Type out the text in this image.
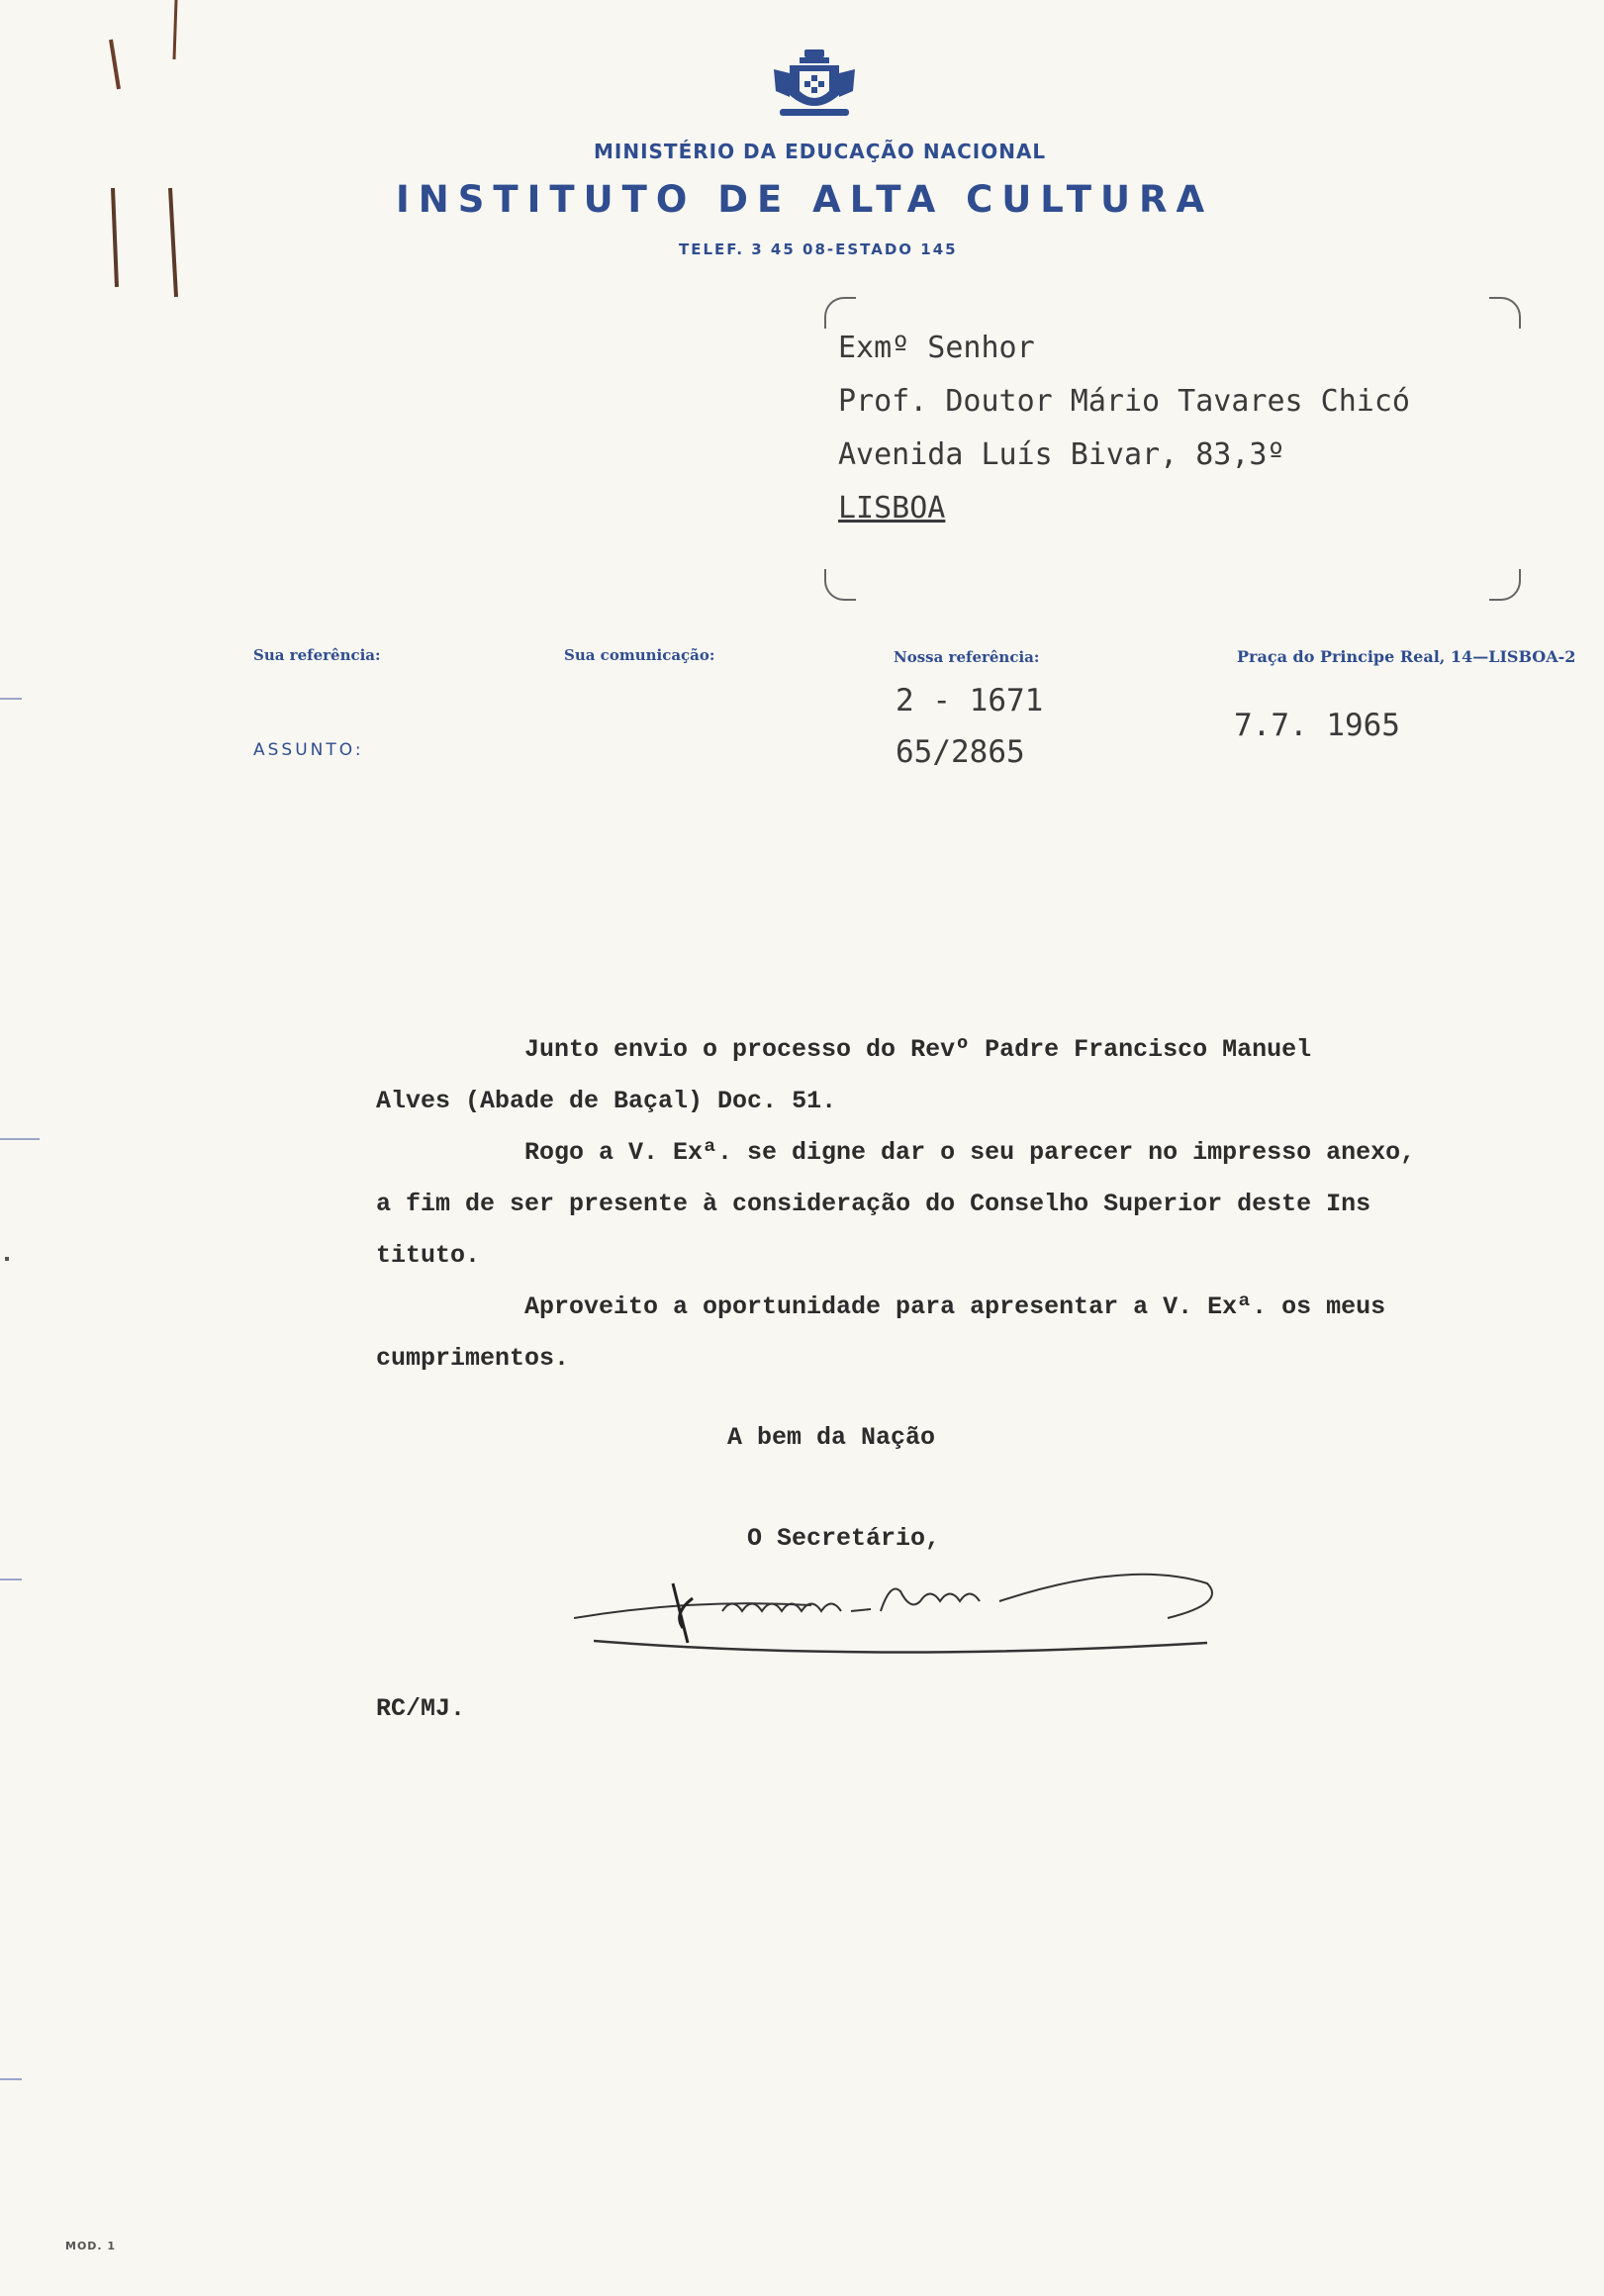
MINISTÉRIO DA EDUCAÇÃO NACIONAL
INSTITUTO DE ALTA CULTURA
TELEF. 3 45 08-ESTADO 145
Exmº Senhor
Prof. Doutor Mário Tavares Chicó
Avenida Luís Bivar, 83,3º
LISBOA
Sua referência:	Sua comunicação:	Nossa referência:	Praça do Principe Real, 14—LISBOA-2
ASSUNTO:
2 - 1671
65/2865
7.7. 1965
Junto envio o processo do Revº Padre Francisco Manuel
Alves (Abade de Baçal) Doc. 51.
Rogo a V. Exª. se digne dar o seu parecer no impresso anexo,
a fim de ser presente à consideração do Conselho Superior deste Ins
tituto.
Aproveito a oportunidade para apresentar a V. Exª. os meus
cumprimentos.
A bem da Nação
O Secretário,
RC/MJ.
MOD. 1
